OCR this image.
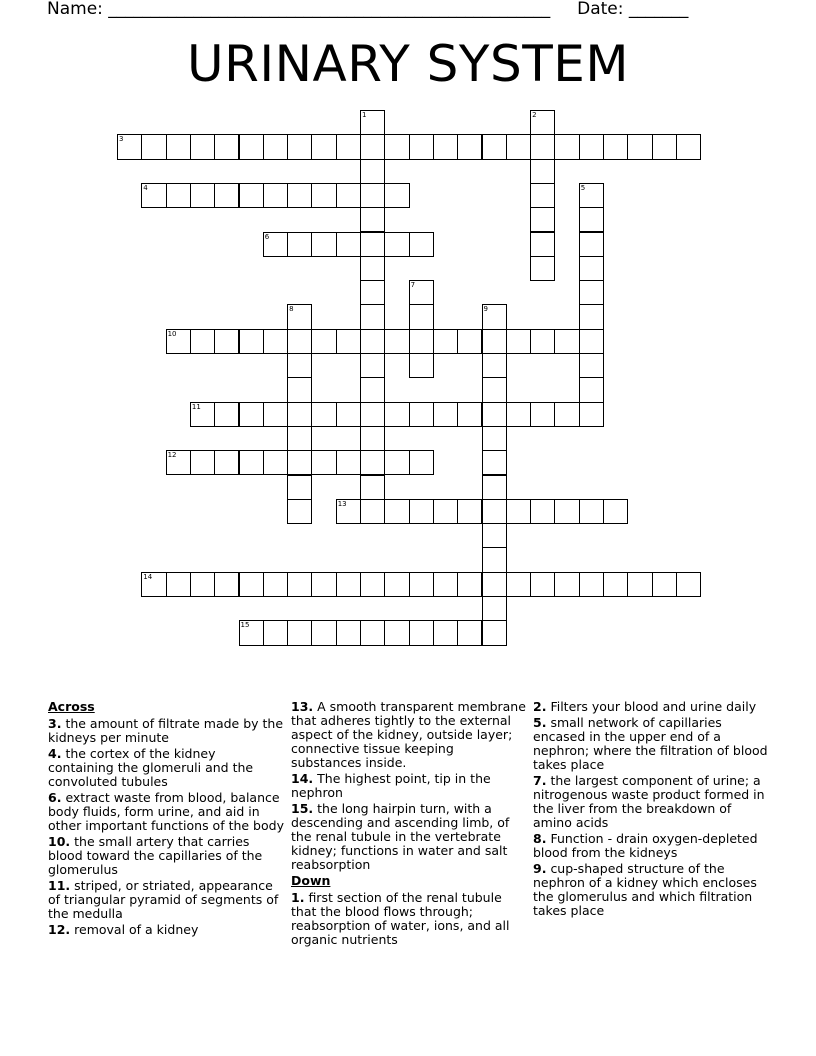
Name: ____________________________________________________ Date: _______
URINARY SYSTEM
1	2
3
4	5
6
7
8	9
10
11
12
13
14
15
Across
3. the amount of filtrate made by the kidneys per minute
4. the cortex of the kidney containing the glomeruli and the convoluted tubules
6. extract waste from blood, balance body fluids, form urine, and aid in other important functions of the body
10. the small artery that carries blood toward the capillaries of the glomerulus
11. striped, or striated, appearance of triangular pyramid of segments of the medulla
12. removal of a kidney
13. A smooth transparent membrane that adheres tightly to the external aspect of the kidney, outside layer; connective tissue keeping substances inside.
14. The highest point, tip in the nephron
15. the long hairpin turn, with a descending and ascending limb, of the renal tubule in the vertebrate kidney; functions in water and salt reabsorption
Down
1. first section of the renal tubule that the blood flows through; reabsorption of water, ions, and all organic nutrients
2. Filters your blood and urine daily
5. small network of capillaries encased in the upper end of a nephron; where the filtration of blood takes place
7. the largest component of urine; a nitrogenous waste product formed in the liver from the breakdown of amino acids
8. Function - drain oxygen-depleted blood from the kidneys
9. cup-shaped structure of the nephron of a kidney which encloses the glomerulus and which filtration takes place
